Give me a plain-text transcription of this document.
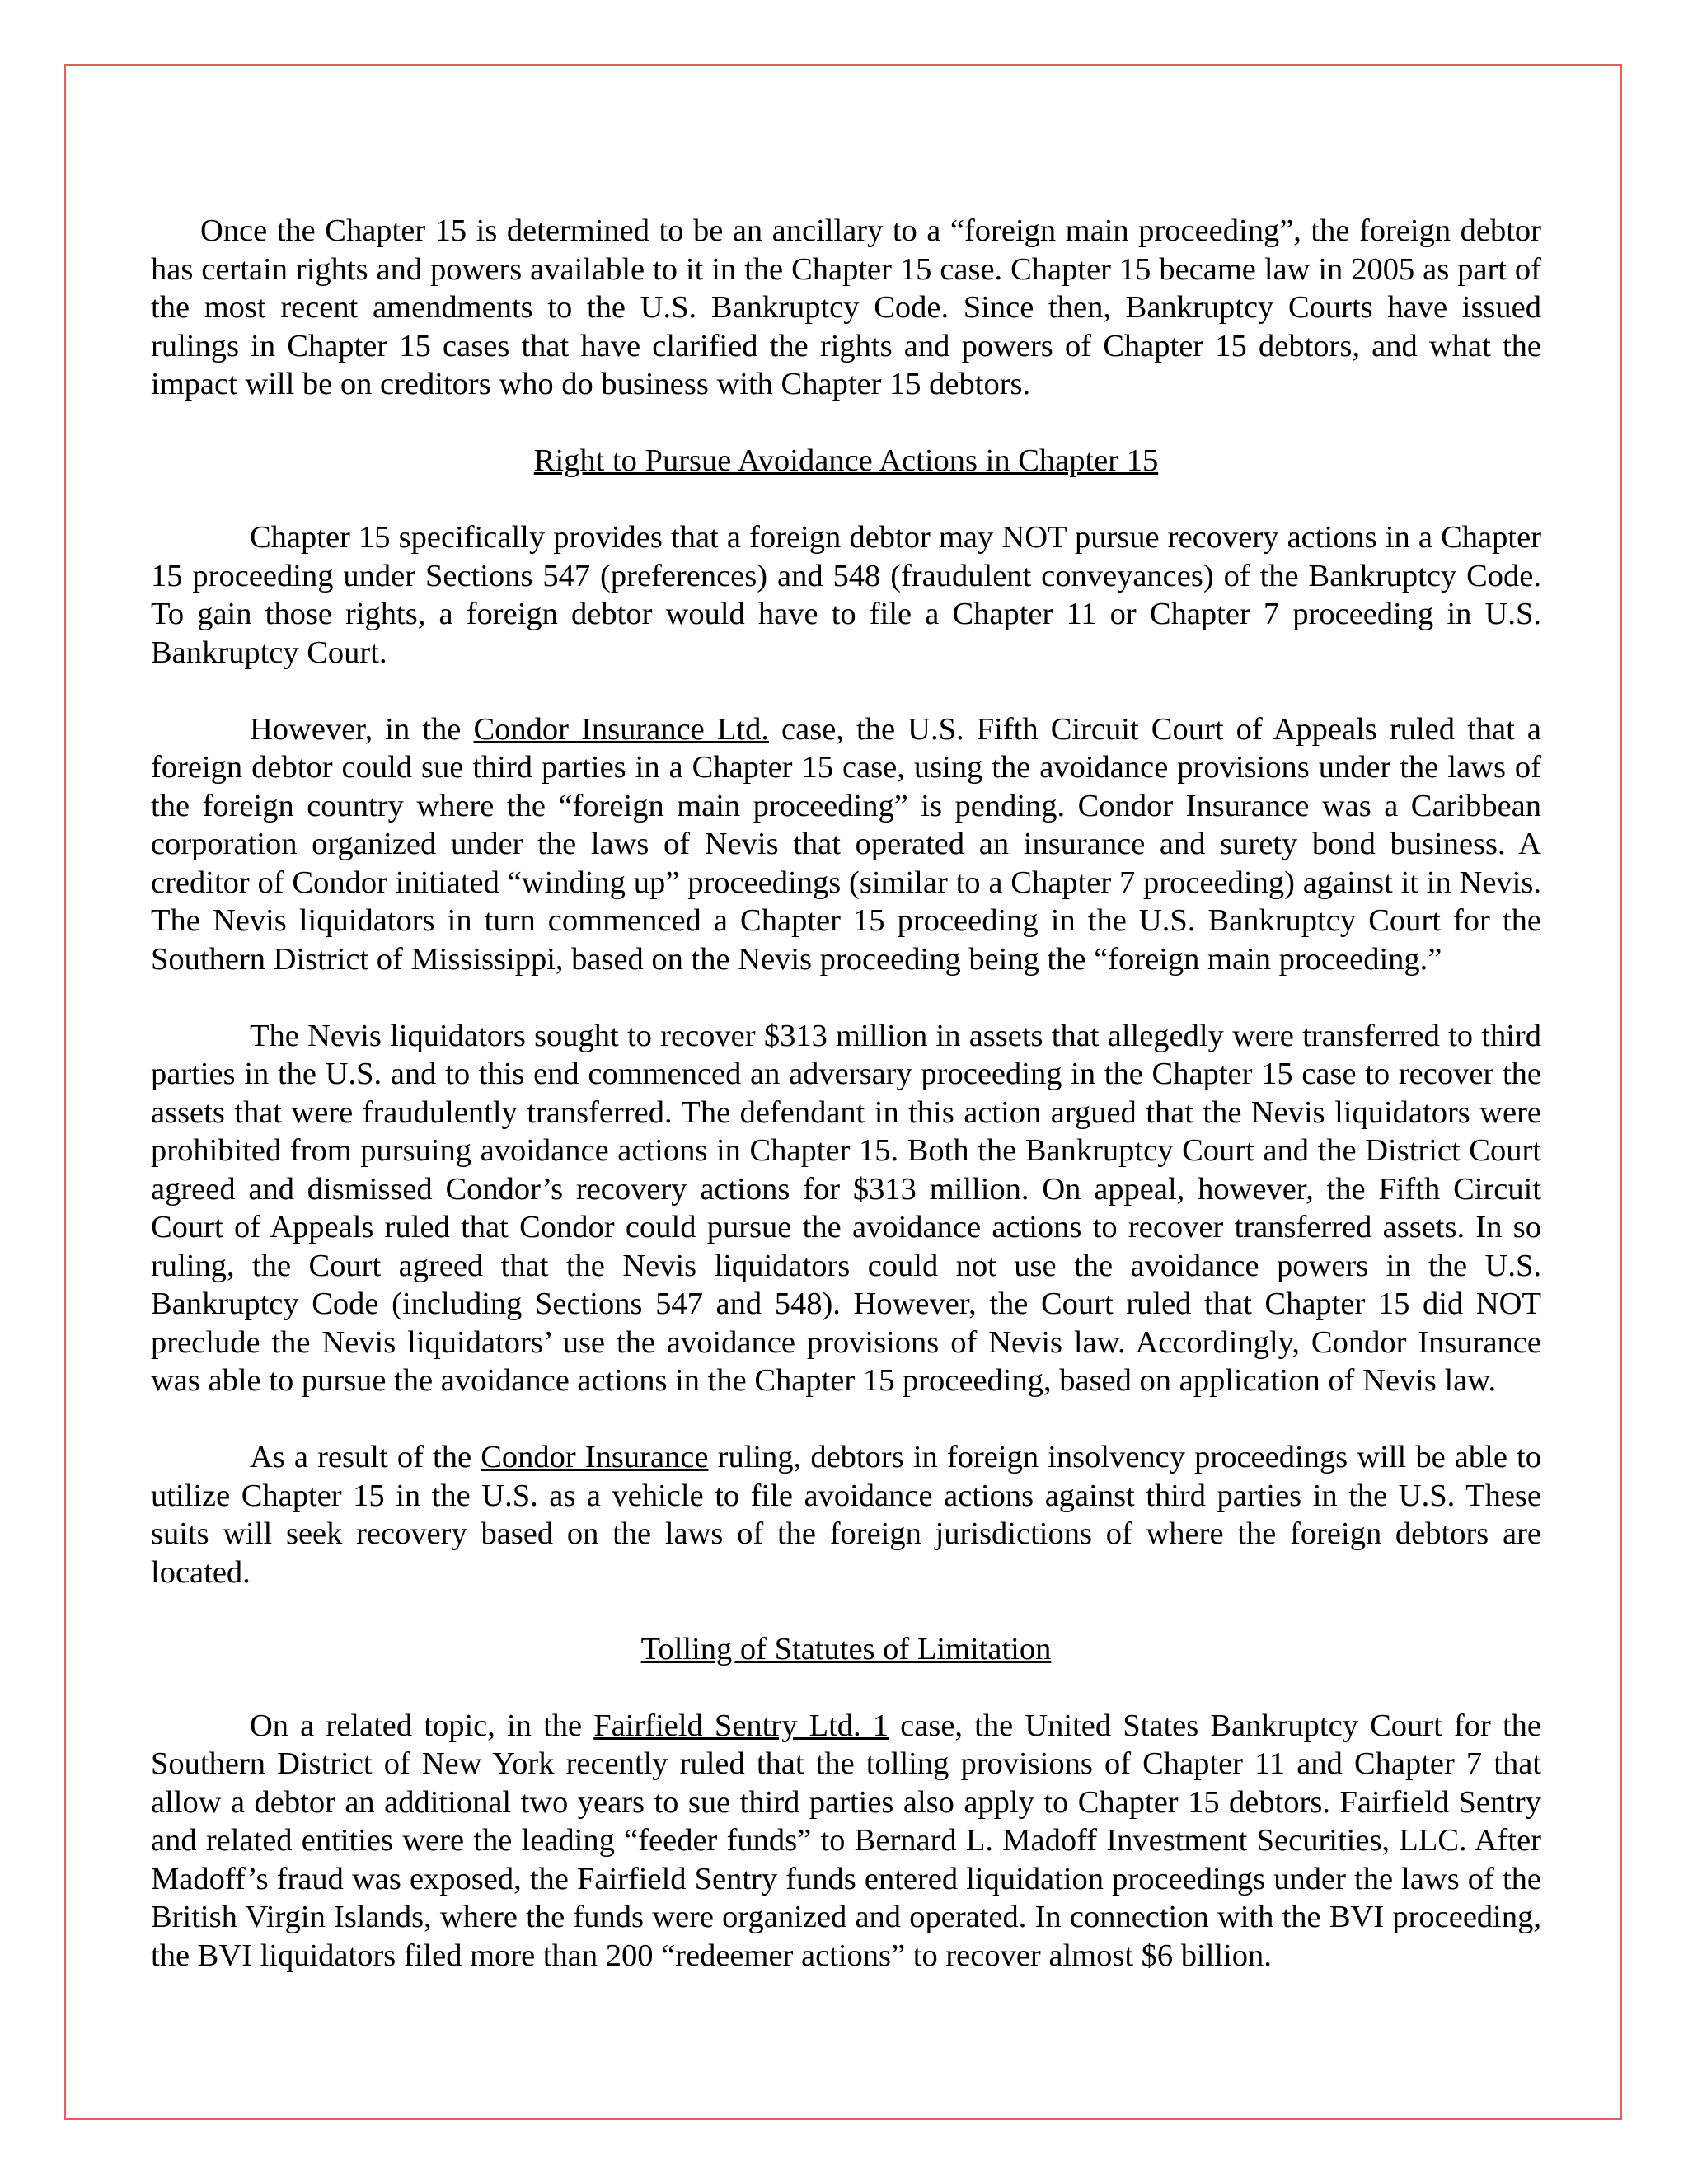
Once the Chapter 15 is determined to be an ancillary to a “foreign main proceeding”, the foreign debtor has certain rights and powers available to it in the Chapter 15 case. Chapter 15 became law in 2005 as part of the most recent amendments to the U.S. Bankruptcy Code. Since then, Bankruptcy Courts have issued rulings in Chapter 15 cases that have clarified the rights and powers of Chapter 15 debtors, and what the impact will be on creditors who do business with Chapter 15 debtors.

Right to Pursue Avoidance Actions in Chapter 15

Chapter 15 specifically provides that a foreign debtor may NOT pursue recovery actions in a Chapter 15 proceeding under Sections 547 (preferences) and 548 (fraudulent conveyances) of the Bankruptcy Code. To gain those rights, a foreign debtor would have to file a Chapter 11 or Chapter 7 proceeding in U.S. Bankruptcy Court.

However, in the Condor Insurance Ltd. case, the U.S. Fifth Circuit Court of Appeals ruled that a foreign debtor could sue third parties in a Chapter 15 case, using the avoidance provisions under the laws of the foreign country where the “foreign main proceeding” is pending. Condor Insurance was a Caribbean corporation organized under the laws of Nevis that operated an insurance and surety bond business. A creditor of Condor initiated “winding up” proceedings (similar to a Chapter 7 proceeding) against it in Nevis. The Nevis liquidators in turn commenced a Chapter 15 proceeding in the U.S. Bankruptcy Court for the Southern District of Mississippi, based on the Nevis proceeding being the “foreign main proceeding.”

The Nevis liquidators sought to recover $313 million in assets that allegedly were transferred to third parties in the U.S. and to this end commenced an adversary proceeding in the Chapter 15 case to recover the assets that were fraudulently transferred. The defendant in this action argued that the Nevis liquidators were prohibited from pursuing avoidance actions in Chapter 15. Both the Bankruptcy Court and the District Court agreed and dismissed Condor’s recovery actions for $313 million. On appeal, however, the Fifth Circuit Court of Appeals ruled that Condor could pursue the avoidance actions to recover transferred assets. In so ruling, the Court agreed that the Nevis liquidators could not use the avoidance powers in the U.S. Bankruptcy Code (including Sections 547 and 548). However, the Court ruled that Chapter 15 did NOT preclude the Nevis liquidators’ use the avoidance provisions of Nevis law. Accordingly, Condor Insurance was able to pursue the avoidance actions in the Chapter 15 proceeding, based on application of Nevis law.

As a result of the Condor Insurance ruling, debtors in foreign insolvency proceedings will be able to utilize Chapter 15 in the U.S. as a vehicle to file avoidance actions against third parties in the U.S. These suits will seek recovery based on the laws of the foreign jurisdictions of where the foreign debtors are located.

Tolling of Statutes of Limitation

On a related topic, in the Fairfield Sentry Ltd. 1 case, the United States Bankruptcy Court for the Southern District of New York recently ruled that the tolling provisions of Chapter 11 and Chapter 7 that allow a debtor an additional two years to sue third parties also apply to Chapter 15 debtors. Fairfield Sentry and related entities were the leading “feeder funds” to Bernard L. Madoff Investment Securities, LLC. After Madoff’s fraud was exposed, the Fairfield Sentry funds entered liquidation proceedings under the laws of the British Virgin Islands, where the funds were organized and operated. In connection with the BVI proceeding, the BVI liquidators filed more than 200 “redeemer actions” to recover almost $6 billion.
